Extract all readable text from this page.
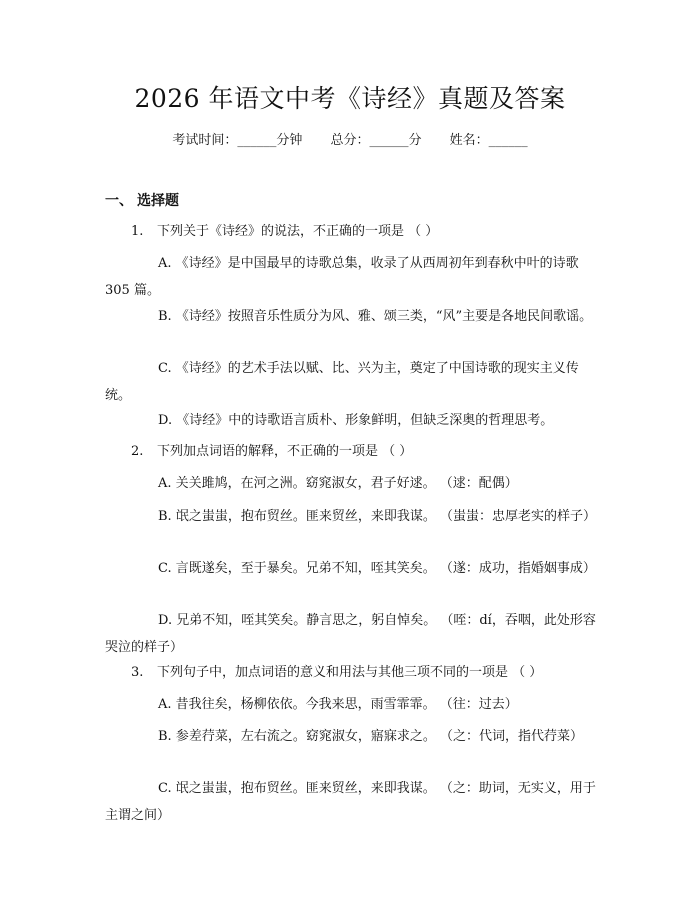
2026 年语文中考《诗经》真题及答案
考试时间：______分钟 总分：______分 姓名：______
一、 选择题
1. 下列关于《诗经》的说法，不正确的一项是 （ ）
A. 《诗经》是中国最早的诗歌总集，收录了从西周初年到春秋中叶的诗歌 305 篇。
B. 《诗经》按照音乐性质分为风、雅、颂三类，“风”主要是各地民间歌谣。
C. 《诗经》的艺术手法以赋、比、兴为主，奠定了中国诗歌的现实主义传统。
D. 《诗经》中的诗歌语言质朴、形象鲜明，但缺乏深奥的哲理思考。
2. 下列加点词语的解释，不正确的一项是 （ ）
A. 关关雎鸠，在河之洲。窈窕淑女，君子好逑。 （逑：配偶）
B. 氓之蚩蚩，抱布贸丝。匪来贸丝，来即我谋。 （蚩蚩：忠厚老实的样子）
C. 言既遂矣，至于暴矣。兄弟不知，咥其笑矣。 （遂：成功，指婚姻事成）
D. 兄弟不知，咥其笑矣。静言思之，躬自悼矣。 （咥：dí，吞咽，此处形容哭泣的样子）
3. 下列句子中，加点词语的意义和用法与其他三项不同的一项是 （ ）
A. 昔我往矣，杨柳依依。今我来思，雨雪霏霏。 （往：过去）
B. 参差荇菜，左右流之。窈窕淑女，寤寐求之。 （之：代词，指代荇菜）
C. 氓之蚩蚩，抱布贸丝。匪来贸丝，来即我谋。 （之：助词，无实义，用于主谓之间）
